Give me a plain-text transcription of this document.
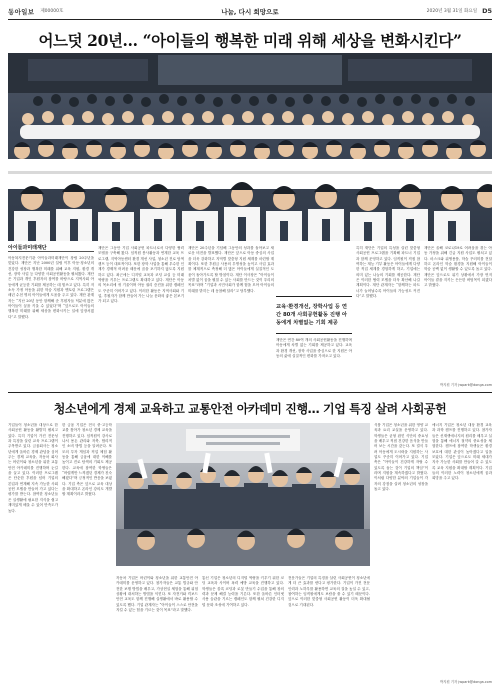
동아일보 제00000호	나눔, 다시 희망으로	2020년 3월 31일 화요일 D5
어느덧 20년… “아이들의 행복한 미래 위해 세상을 변화시킨다”
아이들과미래재단
아동복지전문기관 아이들과미래재단이 창립 20주년을 맞았다. 재단은 지난 2000년 설립 이후 아동·청소년의 건강한 성장과 행복한 미래를 위해 교육 지원, 환경 개선, 장학 사업 등 다양한 사회공헌활동을 펼쳐왔다. 재단은 기업과 개인 후원자의 참여를 바탕으로 지역사회 아동에게 균등한 기회를 제공하는 데 힘쓰고 있다. 특히 저소득 가정 아동을 위한 학습 지원과 멘토링 프로그램은 매년 수천 명의 아이들에게 도움을 주고 있다. 재단 관계자는 “지난 20년 동안 함께해 준 후원자들 덕분에 많은 아이들이 꿈을 키울 수 있었다”며 “앞으로도 아이들의 행복한 미래를 위해 세상을 변화시키는 일에 앞장서겠다”고 말했다.
재단은 그동안 기업 사회공헌 파트너로서 다양한 협력 모델을 구축해 왔다. 임직원 봉사활동과 연계한 교육 프로그램, 지역아동센터 환경 개선 사업, 청소년 진로 탐색 캠프 등이 대표적이다. 또한 장학 사업을 통해 우수한 인재가 경제적 어려움 때문에 꿈을 포기하지 않도록 지원하고 있다. 최근에는 디지털 교육과 코딩 교실 등 미래 역량을 키우는 프로그램도 확대하고 있다. 재단은 아동의 목소리에 귀 기울이며 아동 권리 증진을 위한 캠페인도 꾸준히 이어가고 있다. 이러한 활동은 지역사회와 기업, 후원자가 함께 만들어 가는 나눔 문화의 좋은 본보기가 되고 있다.
재단은 20주년을 기념해 그동안의 성과를 돌아보고 새로운 비전을 발표했다. 재단은 앞으로 아동 중심의 사업을 더욱 강화하고 지역별 맞춤형 지원 체계를 마련할 계획이다. 또한 후원금 사용의 투명성을 높이고 사업 효과를 체계적으로 측정해 더 많은 아이들에게 실질적인 도움이 돌아가도록 할 방침이다. 재단 이사장은 “아이들이 차별 없이 꿈을 펼칠 수 있는 사회를 만드는 것이 우리의 목표”라며 “기업과 시민사회가 함께 힘을 모아 아이들의 미래를 밝히는 데 동참해 달라”고 당부했다.
교육·환경개선, 장학사업 등 연간 80개 사회공헌활동 진행 아동에게 차별없는 기회 제공
재단은 연간 80여 개의 사회공헌활동을 진행하며 아동에게 차별 없는 기회를 제공하고 있다. 교육과 환경 개선, 장학 사업을 중심으로 한 지원은 아동의 삶에 실질적인 변화를 가져오고 있다.
특히 재단은 기업의 특성을 살린 맞춤형 사회공헌 프로그램을 기획해 파트너 기업과 함께 운영하고 있다. 임직원이 직접 참여하는 재능 기부 활동은 아이들에게 다양한 직업 세계를 경험하게 하고, 기업에는 의미 있는 나눔의 기회를 제공한다. 재단은 이러한 협력 모델을 더욱 확산해 나갈 계획이다. 재단 관계자는 “함께하는 파트너가 늘어날수록 아이들의 가능성도 커진다”고 말했다.
재단은 올해 코로나19로 어려움을 겪는 아동 가정을 위해 긴급 지원 사업도 펼치고 있다. 마스크와 위생용품, 학습 꾸러미를 전달하고 온라인 학습 환경을 지원해 아이들이 학습 공백 없이 생활할 수 있도록 돕고 있다. 재단은 앞으로도 위기 상황에서 가장 먼저 아이들 곁을 지키는 든든한 버팀목이 되겠다고 밝혔다.
박지원 기자 jwpark@donga.com
청소년에게 경제 교육하고 교통안전 아카데미 진행… 기업 특징 살려 사회공헌
기업들이 청소년을 대상으로 한 사회공헌 활동을 활발히 펼치고 있다. 특히 기업이 가진 전문성과 특징을 살린 교육 프로그램이 주목받고 있다. 금융회사는 청소년에게 올바른 경제 관념을 심어주는 경제 교육을, 자동차 회사는 어린이와 청소년을 위한 교통안전 아카데미를 진행하며 눈길을 끌고 있다. 이러한 프로그램은 단순한 후원을 넘어 기업의 본업과 연계해 지속 가능한 사회공헌 모델을 만들어 가고 있다는 평가를 받는다. 참여한 청소년들은 실생활에 필요한 지식을 쉽고 재미있게 배울 수 있어 만족도가 높다.
한 금융 기업은 전국 중·고등학교를 찾아가 청소년 경제 교육을 진행하고 있다. 임직원이 강사로 나서 용돈 관리와 저축, 합리적인 소비 방법 등을 알려준다. 또 모의 투자 게임과 직업 체험 활동을 통해 금융에 대한 이해를 높이고 진로 탐색의 기회도 제공한다. 교육에 참여한 학생들은 “어렵게만 느껴졌던 경제가 친숙해졌다”며 긍정적인 반응을 보였다. 기업 측은 앞으로 교육 대상을 확대하고 온라인 강의도 개발할 계획이라고 밝혔다.
자동차 기업은 어린이와 청소년을 위한 교통안전 아카데미를 운영하고 있다. 참가자들은 교통 법규와 안전한 보행 방법을 배우고, 가상현실 체험을 통해 위험 상황에 대처하는 방법을 익힌다. 또 자전거와 킥보드 안전 교육도 함께 진행해 실생활에서 바로 활용할 수 있도록 했다. 기업 관계자는 “아이들이 스스로 안전을 지킬 수 있는 힘을 기르는 것이 목표”라고 말했다.
통신 기업은 청소년의 디지털 역량을 키우기 위한 코딩 교육과 사이버 폭력 예방 교육을 진행하고 있다. 학생들은 블록 코딩과 로봇 만들기 수업을 통해 창의력과 문제 해결 능력을 기른다. 또한 올바른 인터넷 사용 습관을 기르는 캠페인도 함께 펼쳐 건강한 디지털 문화 조성에 기여하고 있다.
전문가들은 기업의 특징을 살린 사회공헌이 청소년에게 더 큰 효과를 낸다고 평가한다. 기업이 가진 전문 인력과 노하우를 활용하면 교육의 질을 높일 수 있고, 참여하는 임직원에게도 보람을 줄 수 있기 때문이다. 앞으로 이러한 맞춤형 사회공헌 활동이 더욱 확대될 것으로 기대된다.
식품 기업은 청소년을 위한 영양 교육과 요리 교실을 운영하고 있다. 학생들은 균형 잡힌 식단의 중요성을 배우고 직접 건강한 음식을 만들어 보는 시간을 갖는다. 또 결식 우려 아동에게 도시락을 지원하는 사업도 꾸준히 이어가고 있다. 기업 측은 “아이들이 건강하게 자랄 수 있도록 돕는 것이 기업의 책임”이라며 지원을 계속하겠다고 밝혔다. 이처럼 다양한 분야의 기업들이 각자의 강점을 살려 청소년의 성장을 돕고 있다.
에너지 기업은 청소년 대상 환경 교육과 과학 캠프를 진행하고 있다. 참가자들은 신재생에너지의 원리를 배우고 실험을 통해 에너지 절약의 중요성을 체험한다. 캠프에 참여한 학생들은 환경 보호에 대한 관심이 높아졌다고 입을 모았다. 기업은 앞으로도 미래 세대가 지속 가능한 사회를 만들어 갈 수 있도록 교육 지원을 확대할 계획이다. 기업들의 이러한 노력이 청소년에게 꿈과 희망을 주고 있다.
박지원 기자 jwpark@donga.com
